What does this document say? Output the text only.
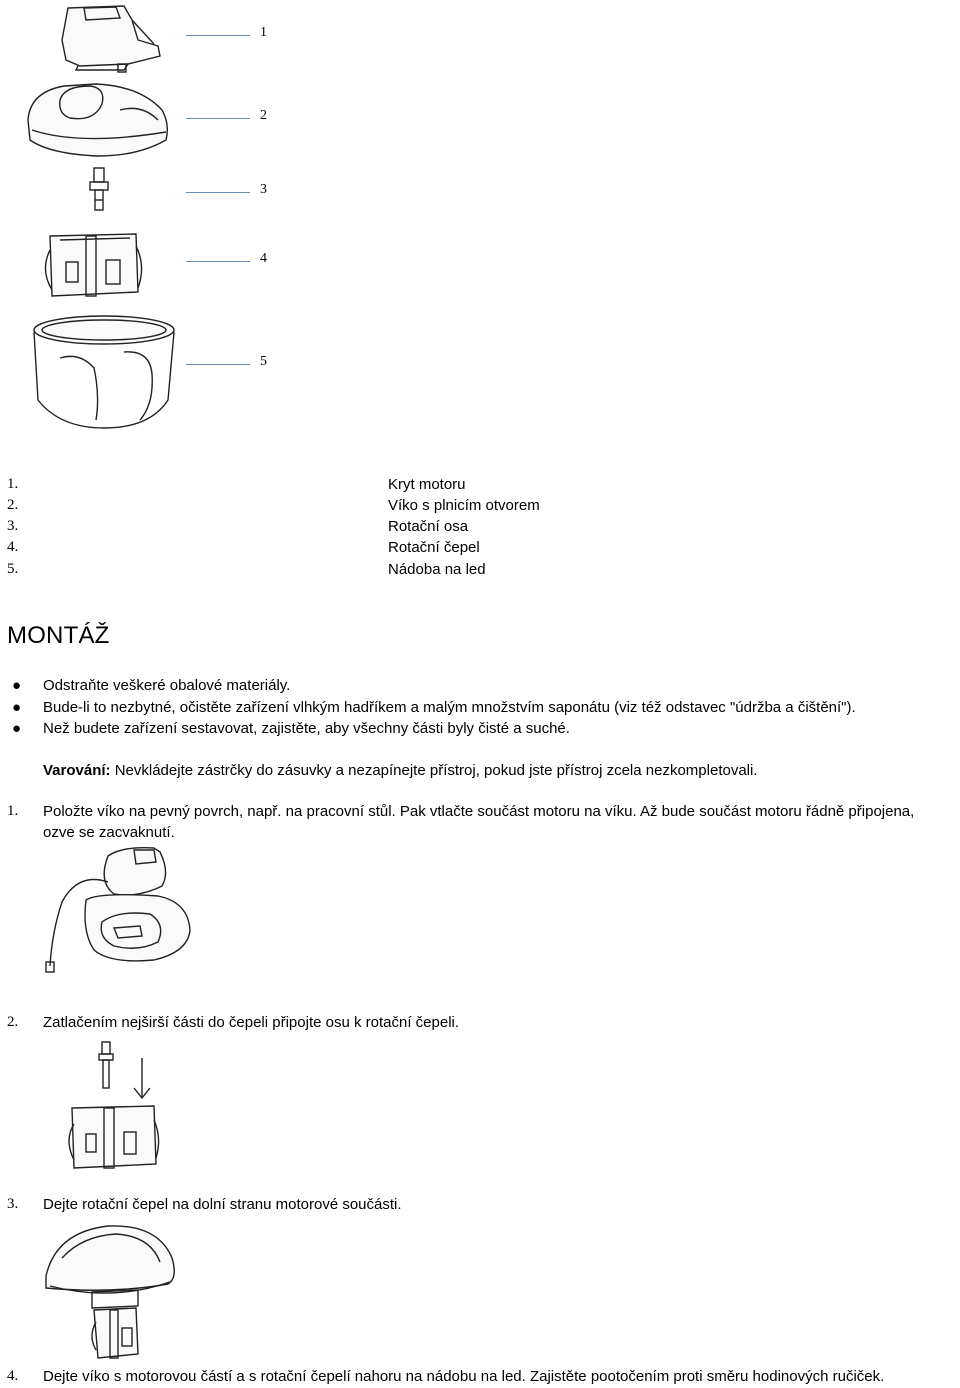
1
2
3
4
5
1.	Kryt motoru
2.	Víko s plnicím otvorem
3.	Rotační osa
4.	Rotační čepel
5.	Nádoba na led
MONTÁŽ
● Odstraňte veškeré obalové materiály.
● Bude-li to nezbytné, očistěte zařízení vlhkým hadříkem a malým množstvím saponátu (viz též odstavec "údržba a čištění").
● Než budete zařízení sestavovat, zajistěte, aby všechny části byly čisté a suché.
Varování: Nevkládejte zástrčky do zásuvky a nezapínejte přístroj, pokud jste přístroj zcela nezkompletovali.
1. Položte víko na pevný povrch, např. na pracovní stůl. Pak vtlačte součást motoru na víku. Až bude součást motoru řádně připojena,
ozve se zacvaknutí.
2. Zatlačením nejširší části do čepeli připojte osu k rotační čepeli.
3. Dejte rotační čepel na dolní stranu motorové součásti.
4. Dejte víko s motorovou částí a s rotační čepelí nahoru na nádobu na led. Zajistěte pootočením proti směru hodinových ručiček.
